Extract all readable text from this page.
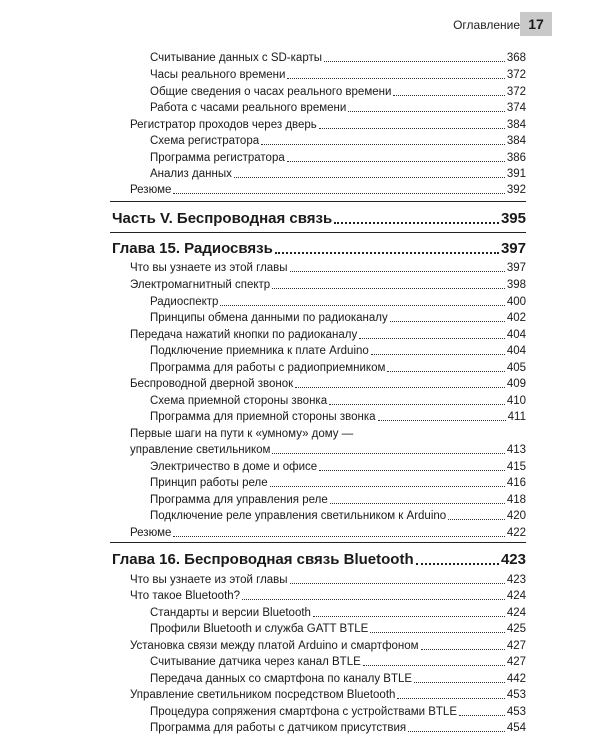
Оглавление 17
Считывание данных с SD-карты	368
Часы реального времени	372
Общие сведения о часах реального времени	372
Работа с часами реального времени	374
Регистратор проходов через дверь	384
Схема регистратора	384
Программа регистратора	386
Анализ данных	391
Резюме	392
Часть V. Беспроводная связь	395
Глава 15. Радиосвязь	397
Что вы узнаете из этой главы	397
Электромагнитный спектр	398
Радиоспектр	400
Принципы обмена данными по радиоканалу	402
Передача нажатий кнопки по радиоканалу	404
Подключение приемника к плате Arduino	404
Программа для работы с радиоприемником	405
Беспроводной дверной звонок	409
Схема приемной стороны звонка	410
Программа для приемной стороны звонка	411
Первые шаги на пути к «умному» дому —
управление светильником	413
Электричество в доме и офисе	415
Принцип работы реле	416
Программа для управления реле	418
Подключение реле управления светильником к Arduino	420
Резюме	422
Глава 16. Беспроводная связь Bluetooth	423
Что вы узнаете из этой главы	423
Что такое Bluetooth?	424
Стандарты и версии Bluetooth	424
Профили Bluetooth и служба GATT BTLE	425
Установка связи между платой Arduino и смартфоном	427
Считывание датчика через канал BTLE	427
Передача данных со смартфона по каналу BTLE	442
Управление светильником посредством Bluetooth	453
Процедура сопряжения смартфона с устройствами BTLE	453
Программа для работы с датчиком присутствия	454
